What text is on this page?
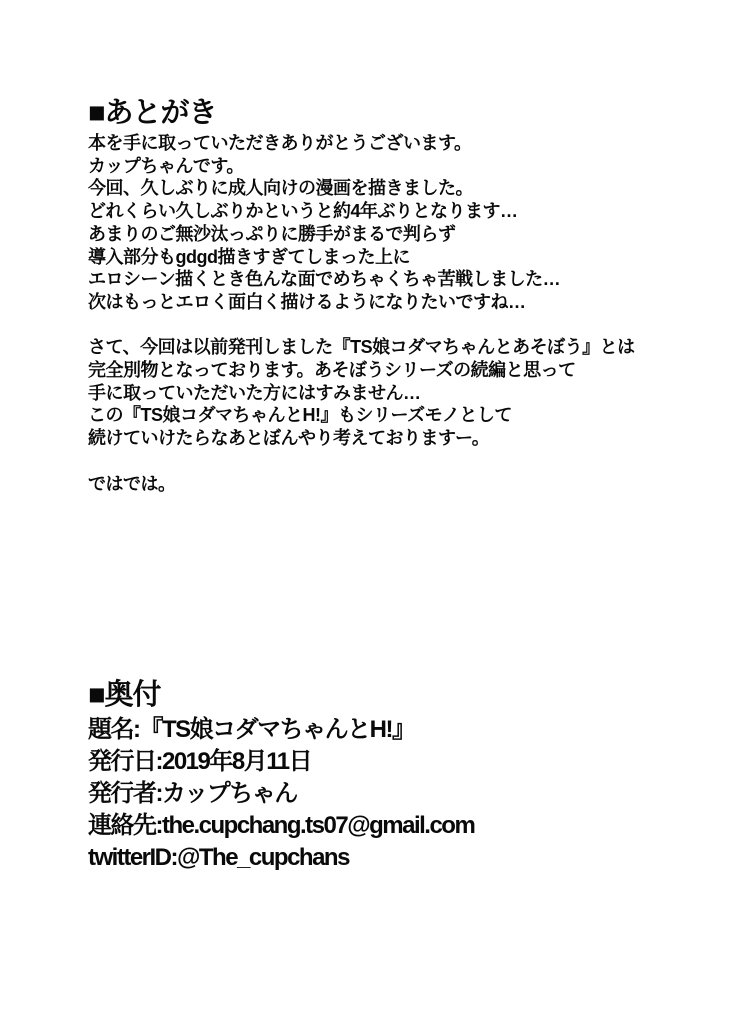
■あとがき
本を手に取っていただきありがとうございます。
カップちゃんです。
今回、久しぶりに成人向けの漫画を描きました。
どれくらい久しぶりかというと約4年ぶりとなります…
あまりのご無沙汰っぷりに勝手がまるで判らず
導入部分もgdgd描きすぎてしまった上に
エロシーン描くとき色んな面でめちゃくちゃ苦戦しました…
次はもっとエロく面白く描けるようになりたいですね…
さて、今回は以前発刊しました『TS娘コダマちゃんとあそぼう』とは
完全別物となっております。あそぼうシリーズの続編と思って
手に取っていただいた方にはすみません…
この『TS娘コダマちゃんとH!』もシリーズモノとして
続けていけたらなあとぼんやり考えておりますー。
ではでは。
■奥付
題名:『TS娘コダマちゃんとH!』
発行日:2019年8月11日
発行者:カップちゃん
連絡先:the.cupchang.ts07@gmail.com
twitterID:@The_cupchans
